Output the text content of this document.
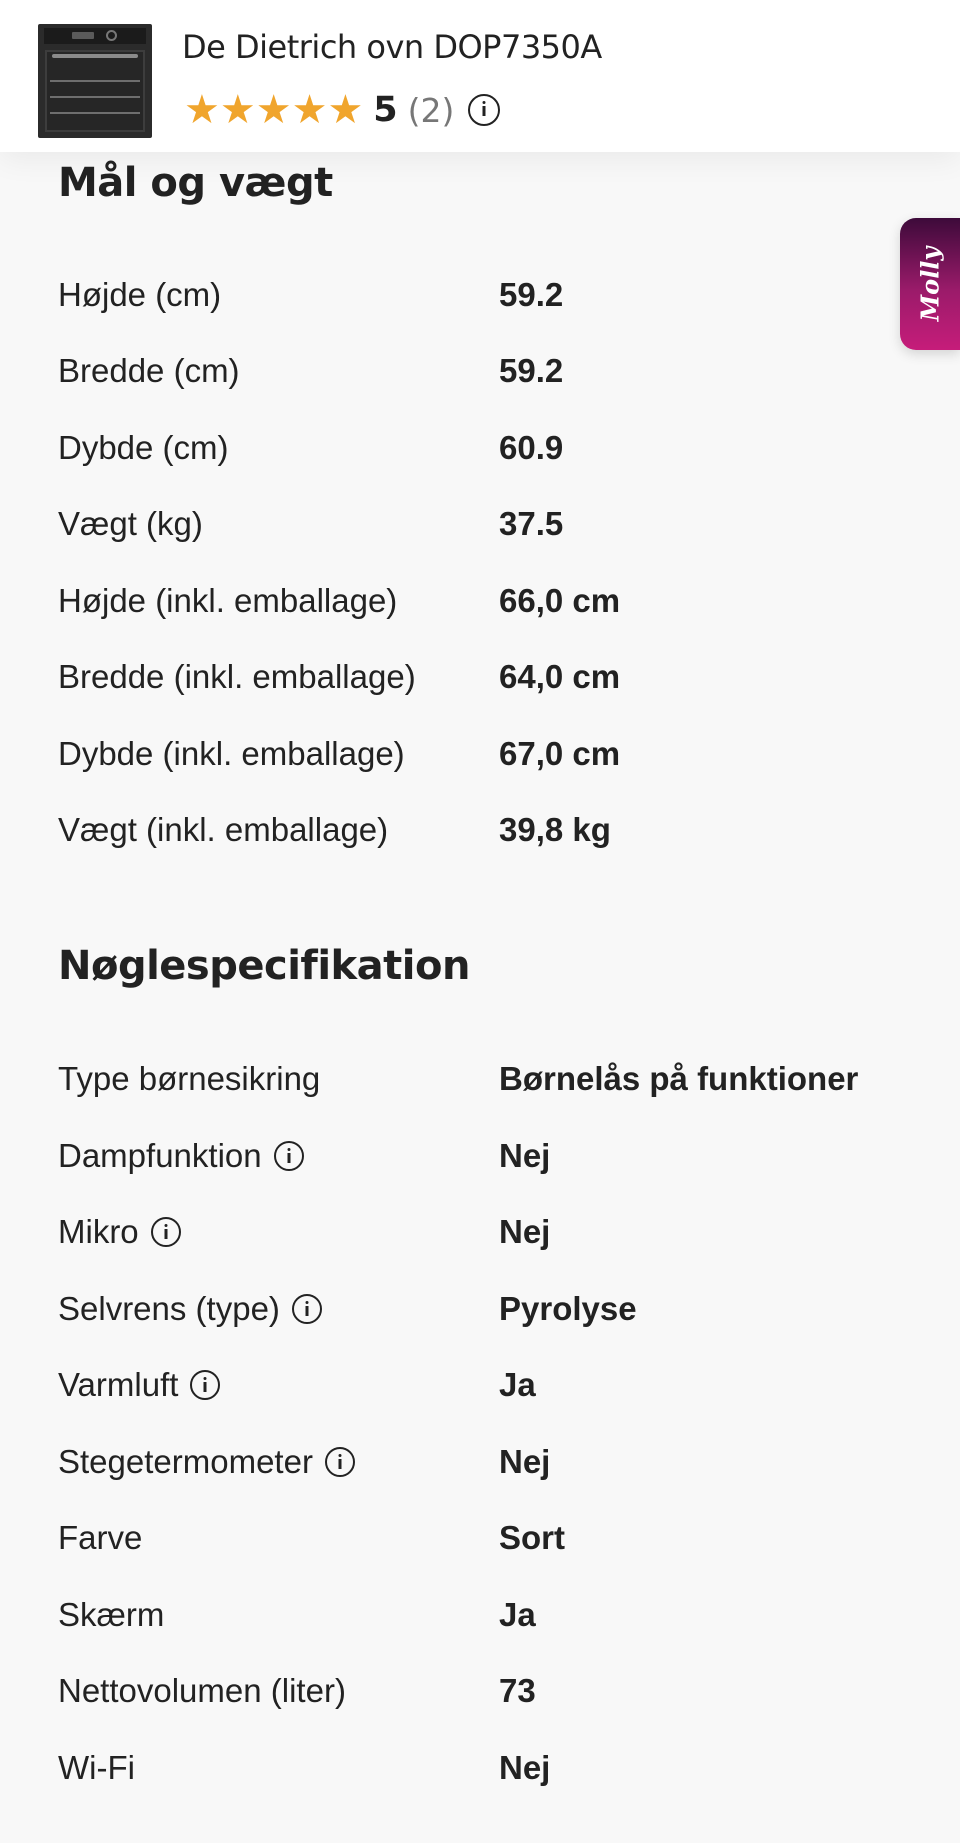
De Dietrich ovn DOP7350A
★ ★ ★ ★ ★ 5 (2)
Molly
Mål og vægt
Højde (cm)	59.2
Bredde (cm)	59.2
Dybde (cm)	60.9
Vægt (kg)	37.5
Højde (inkl. emballage)	66,0 cm
Bredde (inkl. emballage)	64,0 cm
Dybde (inkl. emballage)	67,0 cm
Vægt (inkl. emballage)	39,8 kg
Nøglespecifikation
Type børnesikring	Børnelås på funktioner
Dampfunktion	Nej
Mikro	Nej
Selvrens (type)	Pyrolyse
Varmluft	Ja
Stegetermometer	Nej
Farve	Sort
Skærm	Ja
Nettovolumen (liter)	73
Wi-Fi	Nej
